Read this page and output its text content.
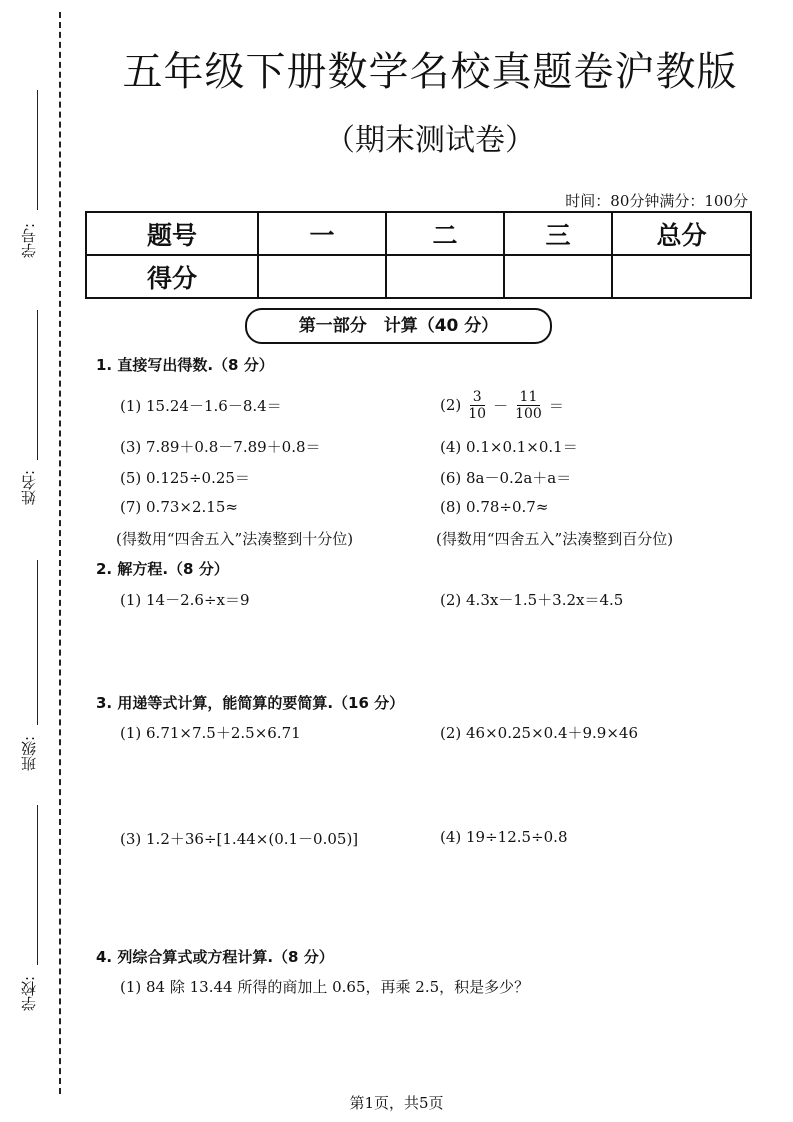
学号:
姓名:
班级:
学校:
五年级下册数学名校真题卷沪教版
（期末测试卷）
时间：80分钟满分：100分
题号	一	二	三	总分
得分				
第一部分　计算（40 分）
1. 直接写出得数.（8 分）
(1) 15.24－1.6－8.4＝	$(2) \frac{3}{10} - \frac{11}{100}$ ＝
(3) 7.89＋0.8－7.89＋0.8＝	(4) 0.1×0.1×0.1＝
(5) 0.125÷0.25＝	(6) 8a－0.2a＋a＝
(7) 0.73×2.15≈	(8) 0.78÷0.7≈
(得数用“四舍五入”法凑整到十分位)	(得数用“四舍五入”法凑整到百分位)
2. 解方程.（8 分）
(1) 14－2.6÷x＝9	(2) 4.3x－1.5＋3.2x＝4.5
3. 用递等式计算，能简算的要简算.（16 分）
(1) 6.71×7.5＋2.5×6.71	(2) 46×0.25×0.4＋9.9×46
(3) 1.2＋36÷[1.44×(0.1－0.05)]	(4) 19÷12.5÷0.8
4. 列综合算式或方程计算.（8 分）
(1) 84 除 13.44 所得的商加上 0.65，再乘 2.5，积是多少？
第1页，共5页
